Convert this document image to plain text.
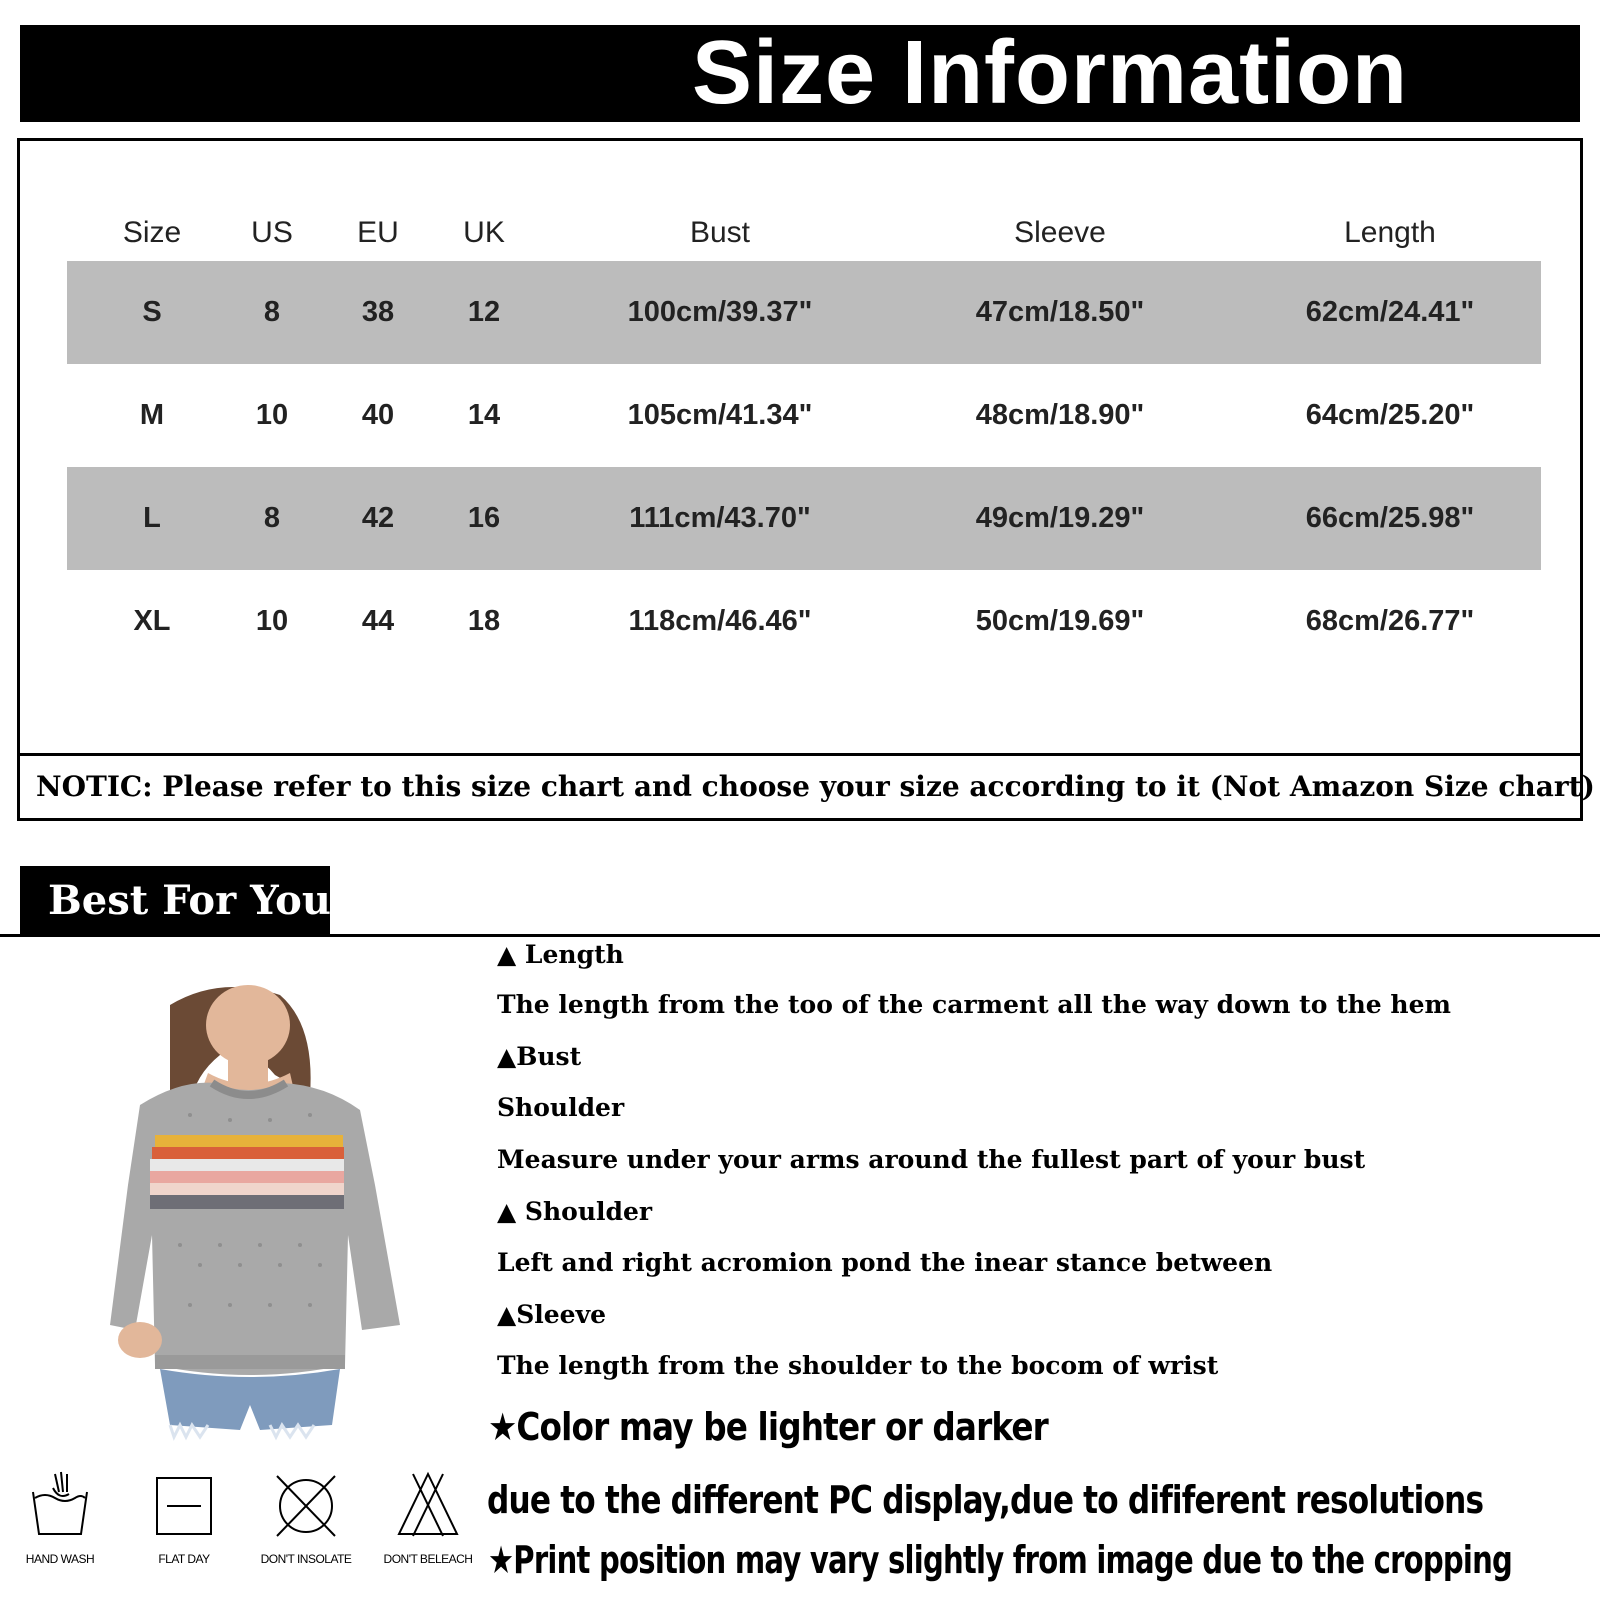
Size Information
Size	US	EU	UK	Bust	Sleeve	Length
S	8	38	12	100cm/39.37"	47cm/18.50"	62cm/24.41"
M	10	40	14	105cm/41.34"	48cm/18.90"	64cm/25.20"
L	8	42	16	111cm/43.70"	49cm/19.29"	66cm/25.98"
XL	10	44	18	118cm/46.46"	50cm/19.69"	68cm/26.77"
NOTIC: Please refer to this size chart and choose your size according to it (Not Amazon Size chart)
Best For You
▲ Length
The length from the too of the carment all the way down to the hem
▲Bust
Shoulder
Measure under your arms around the fullest part of your bust
▲ Shoulder
Left and right acromion pond the inear stance between
▲Sleeve
The length from the shoulder to the bocom of wrist
★Color may be lighter or darker
due to the different PC display,due to dififerent resolutions
★Print position may vary slightly from image due to the cropping
HAND WASH	FLAT DAY	DON'T INSOLATE	DON'T BELEACH
